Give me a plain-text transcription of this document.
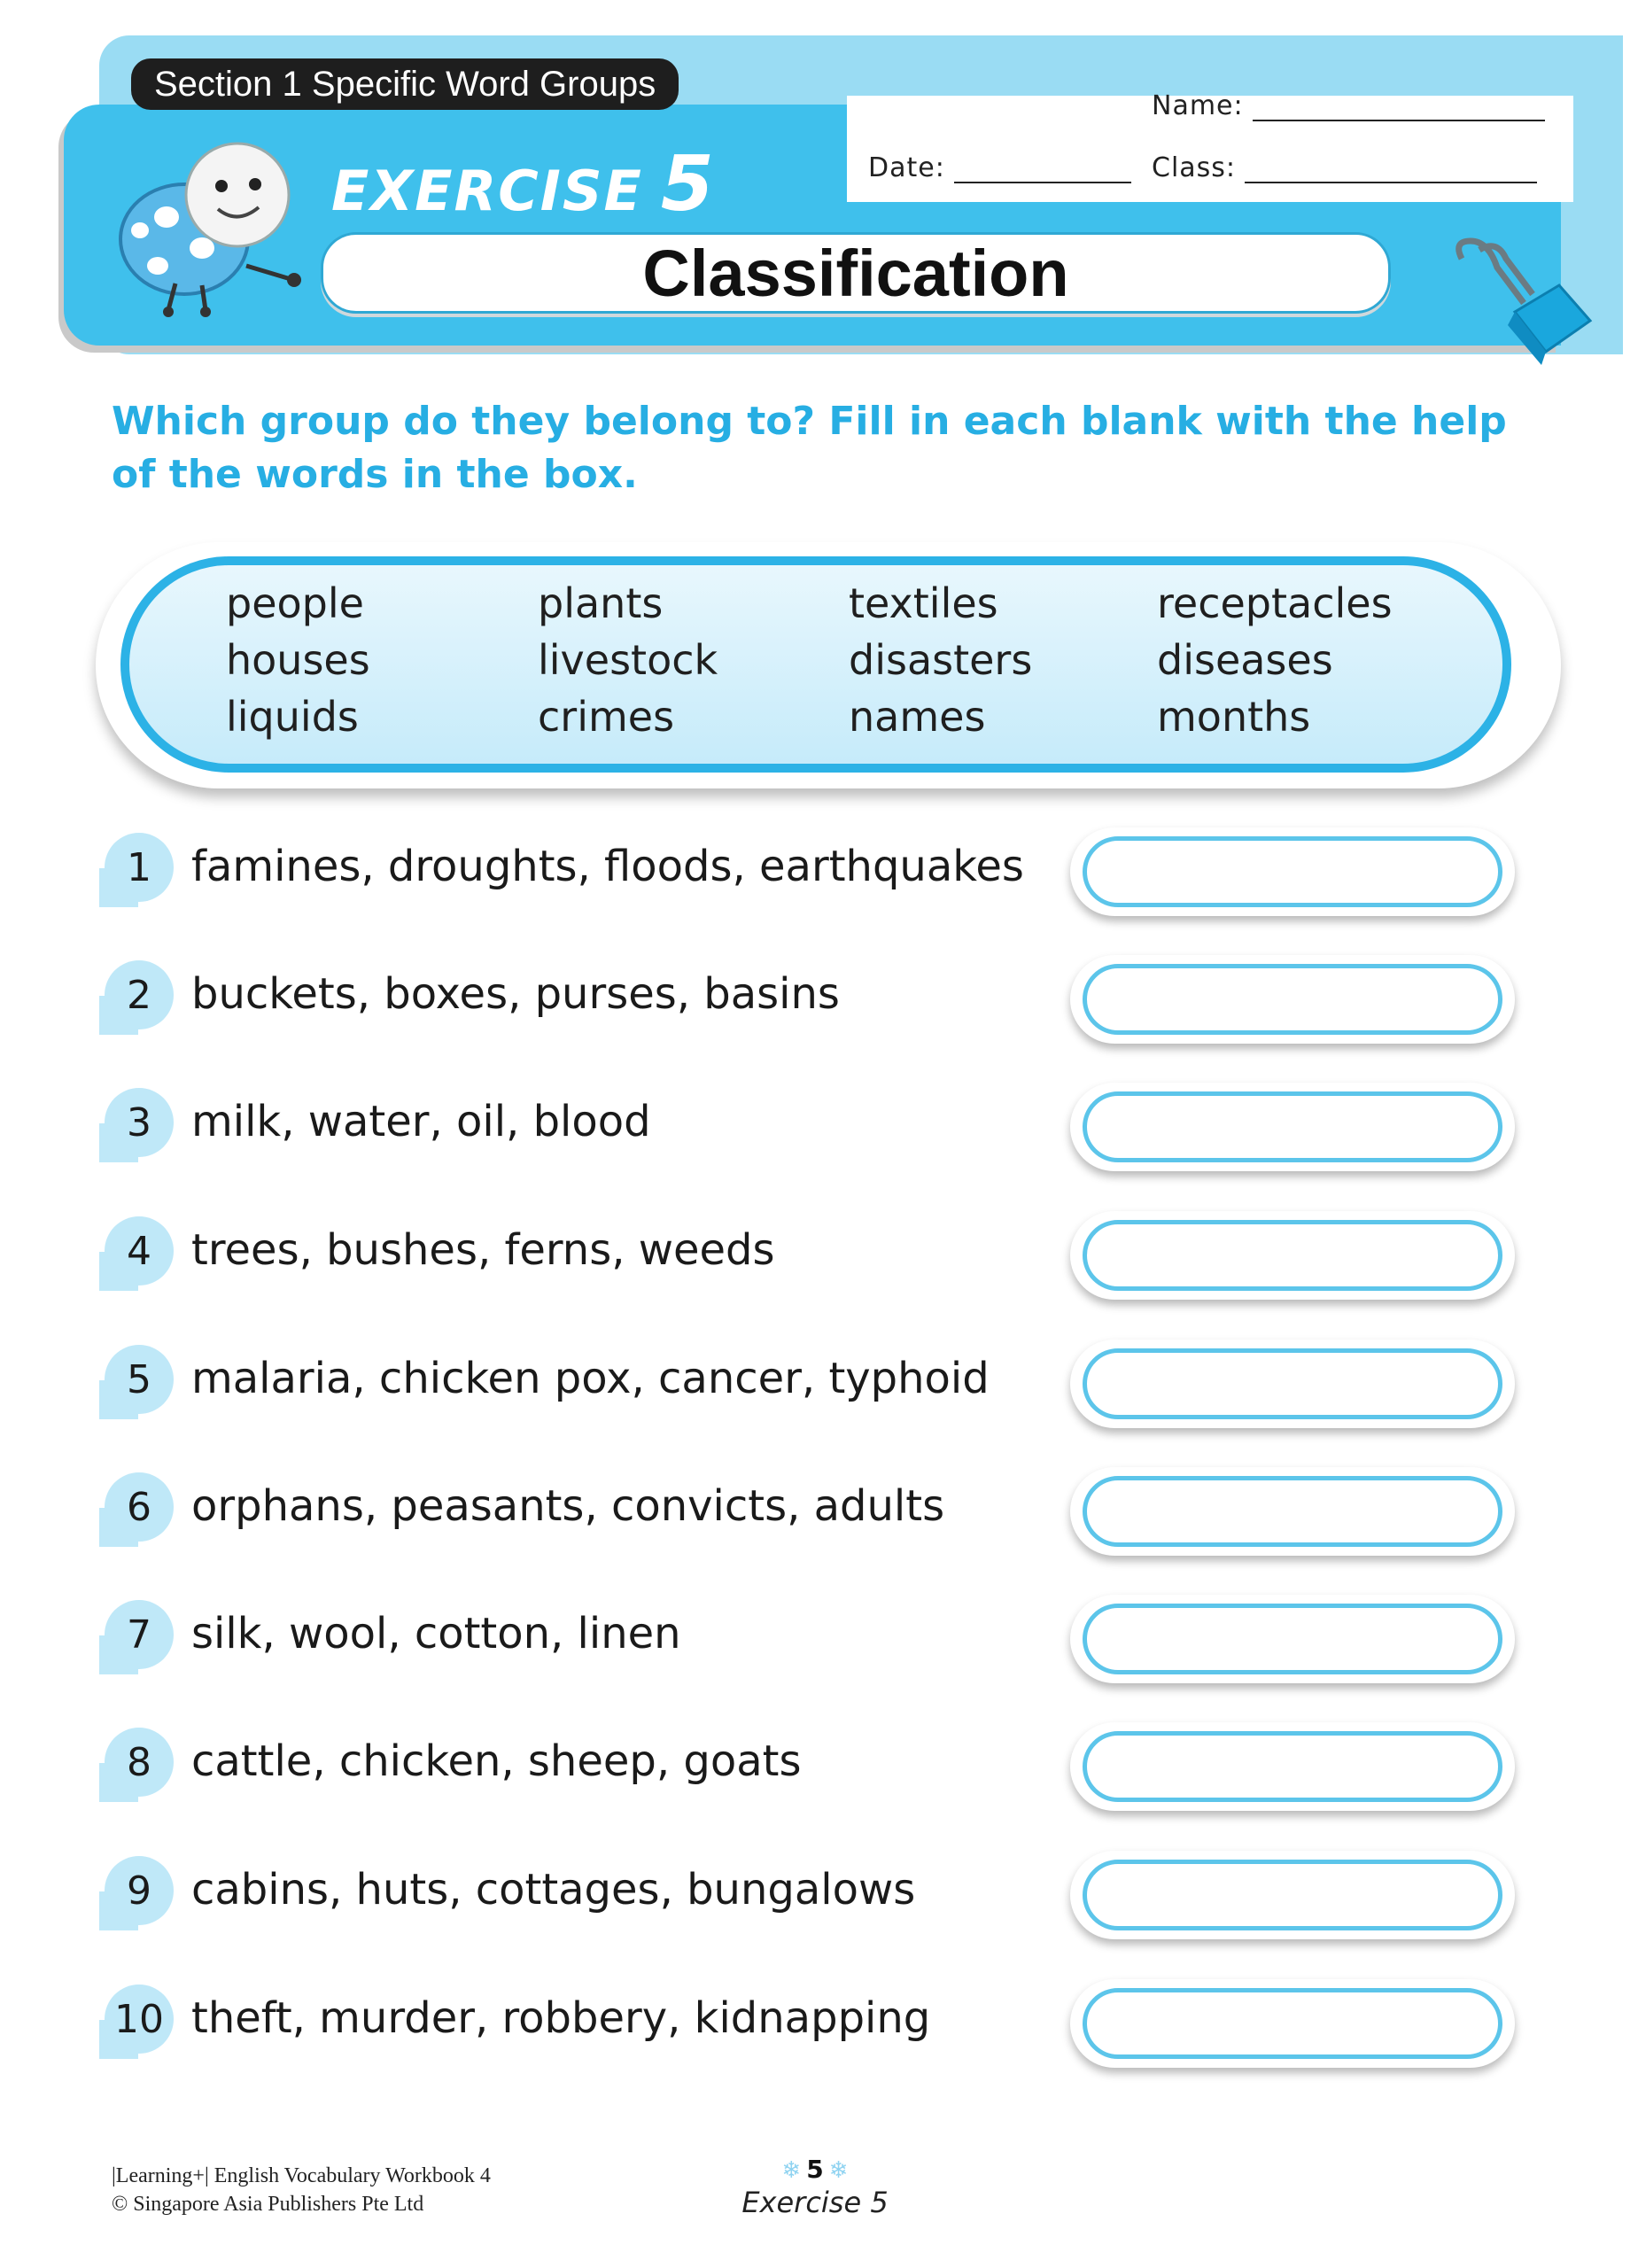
Section 1 Specific Word Groups
Name:
Date:	Class:
EXERCISE 5
Classification
Which group do they belong to? Fill in each blank with the help of the words in the box.
people
houses
liquids
plants
livestock
crimes
textiles
disasters
names
receptacles
diseases
months
1 famines, droughts, floods, earthquakes
2 buckets, boxes, purses, basins
3 milk, water, oil, blood
4 trees, bushes, ferns, weeds
5 malaria, chicken pox, cancer, typhoid
6 orphans, peasants, convicts, adults
7 silk, wool, cotton, linen
8 cattle, chicken, sheep, goats
9 cabins, huts, cottages, bungalows
10 theft, murder, robbery, kidnapping
|Learning+| English Vocabulary Workbook 4
© Singapore Asia Publishers Pte Ltd
❄ 5 ❄
Exercise 5
